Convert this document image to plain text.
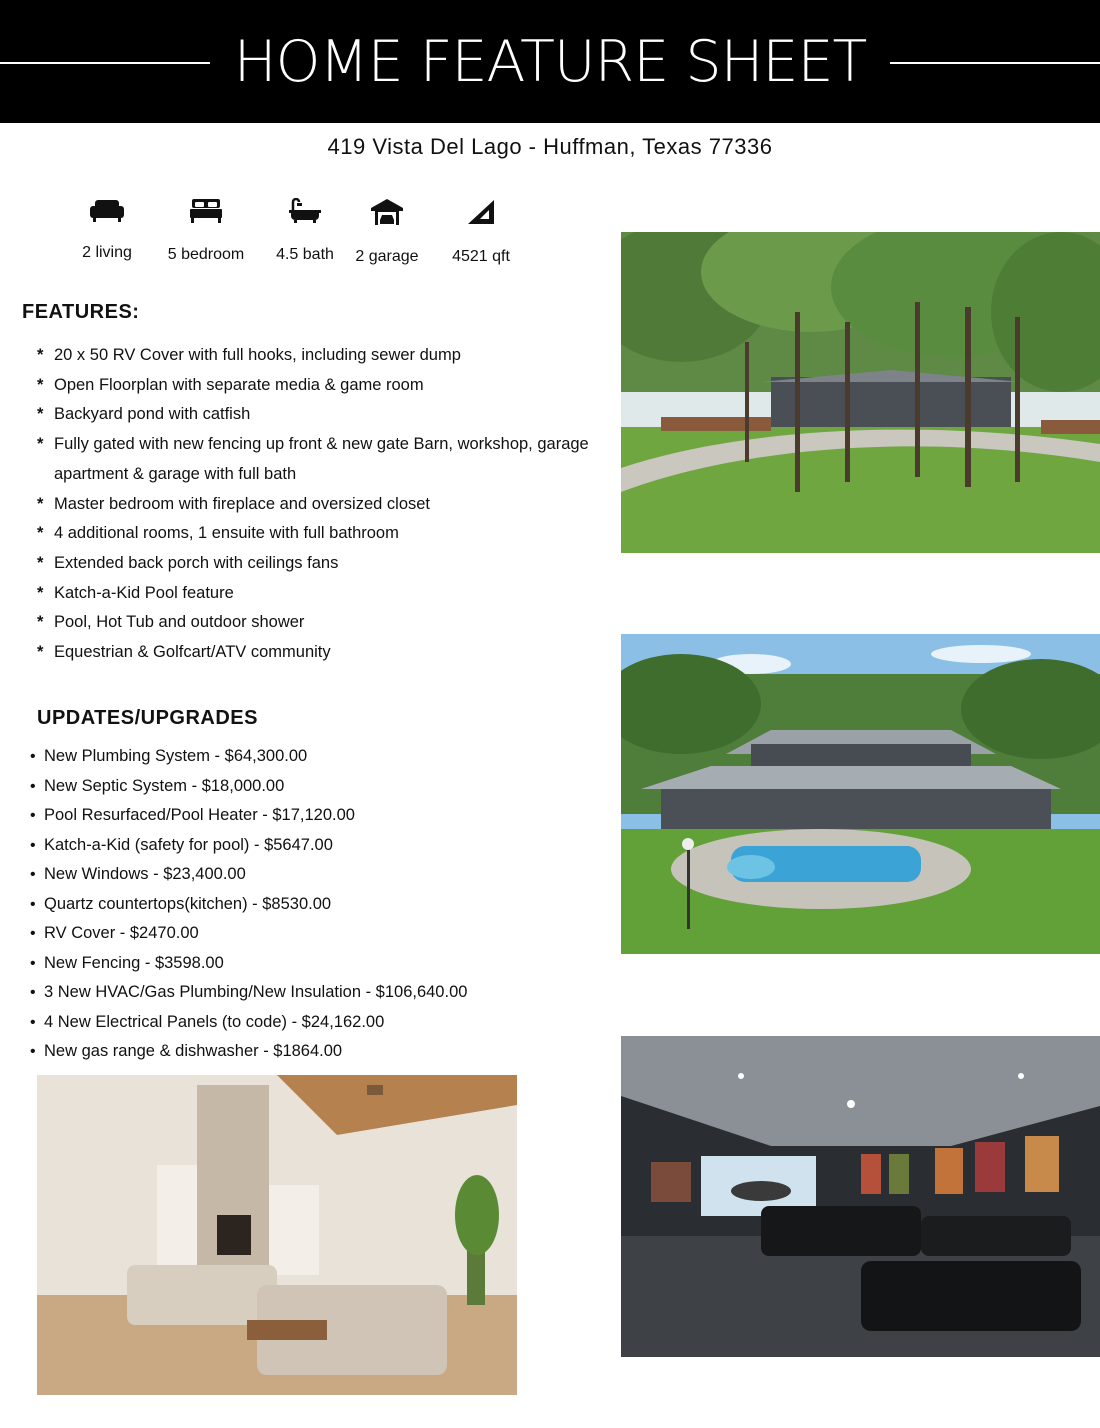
HOME FEATURE SHEET
419 Vista Del Lago - Huffman, Texas 77336
2 living	5 bedroom	4.5 bath	2 garage	4521 qft
FEATURES:
* 20 x 50 RV Cover with full hooks, including sewer dump
* Open Floorplan with separate media & game room
* Backyard pond with catfish
* Fully gated with new fencing up front & new gate Barn, workshop, garage apartment & garage with full bath
* Master bedroom with fireplace and oversized closet
* 4 additional rooms, 1 ensuite with full bathroom
* Extended back porch with ceilings fans
* Katch-a-Kid Pool feature
* Pool, Hot Tub and outdoor shower
* Equestrian & Golfcart/ATV community
UPDATES/UPGRADES
• New Plumbing System - $64,300.00
• New Septic System - $18,000.00
• Pool Resurfaced/Pool Heater - $17,120.00
• Katch-a-Kid (safety for pool) - $5647.00
• New Windows - $23,400.00
• Quartz countertops(kitchen) - $8530.00
• RV Cover - $2470.00
• New Fencing - $3598.00
• 3 New HVAC/Gas Plumbing/New Insulation - $106,640.00
• 4 New Electrical Panels (to code) - $24,162.00
• New gas range & dishwasher - $1864.00
